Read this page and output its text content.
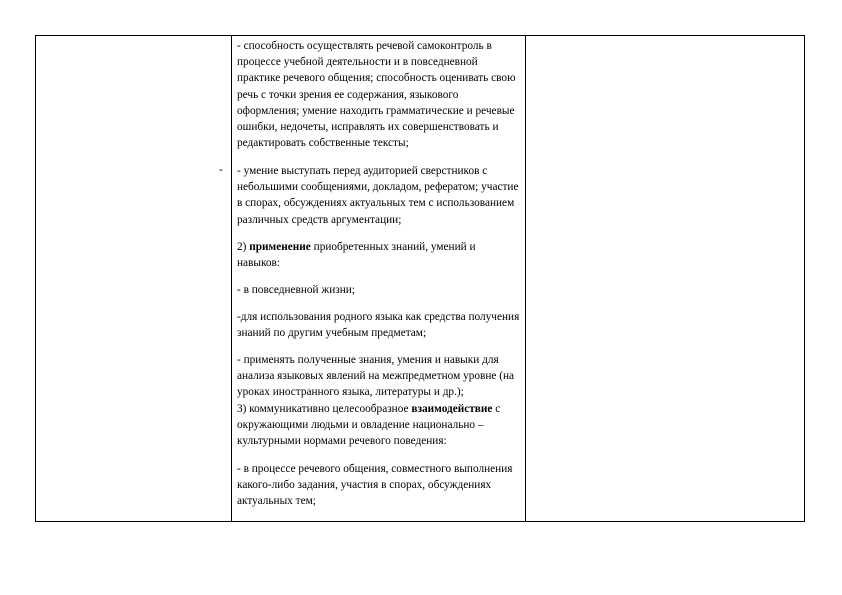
-
- способность осуществлять речевой самоконтроль в процессе учебной деятельности и в повседневной практике речевого общения; способность оценивать свою речь с точки зрения ее содержания, языкового оформления; умение находить грамматические и речевые ошибки, недочеты, исправлять их совершенствовать и редактировать собственные тексты;
- умение выступать перед аудиторией сверстников с небольшими сообщениями, докладом, рефератом; участие в спорах, обсуждениях актуальных тем с использованием различных средств аргументации;
2) применение приобретенных знаний, умений и навыков:
- в повседневной жизни;
-для использования родного языка как средства получения знаний по другим учебным предметам;
- применять полученные знания, умения и навыки для анализа языковых явлений на межпредметном уровне (на уроках иностранного языка, литературы и др.);
3) коммуникативно целесообразное взаимодействие с окружающими людьми и овладение национально – культурными нормами речевого поведения:
- в процессе речевого общения, совместного выполнения какого-либо задания, участия в спорах, обсуждениях актуальных тем;
